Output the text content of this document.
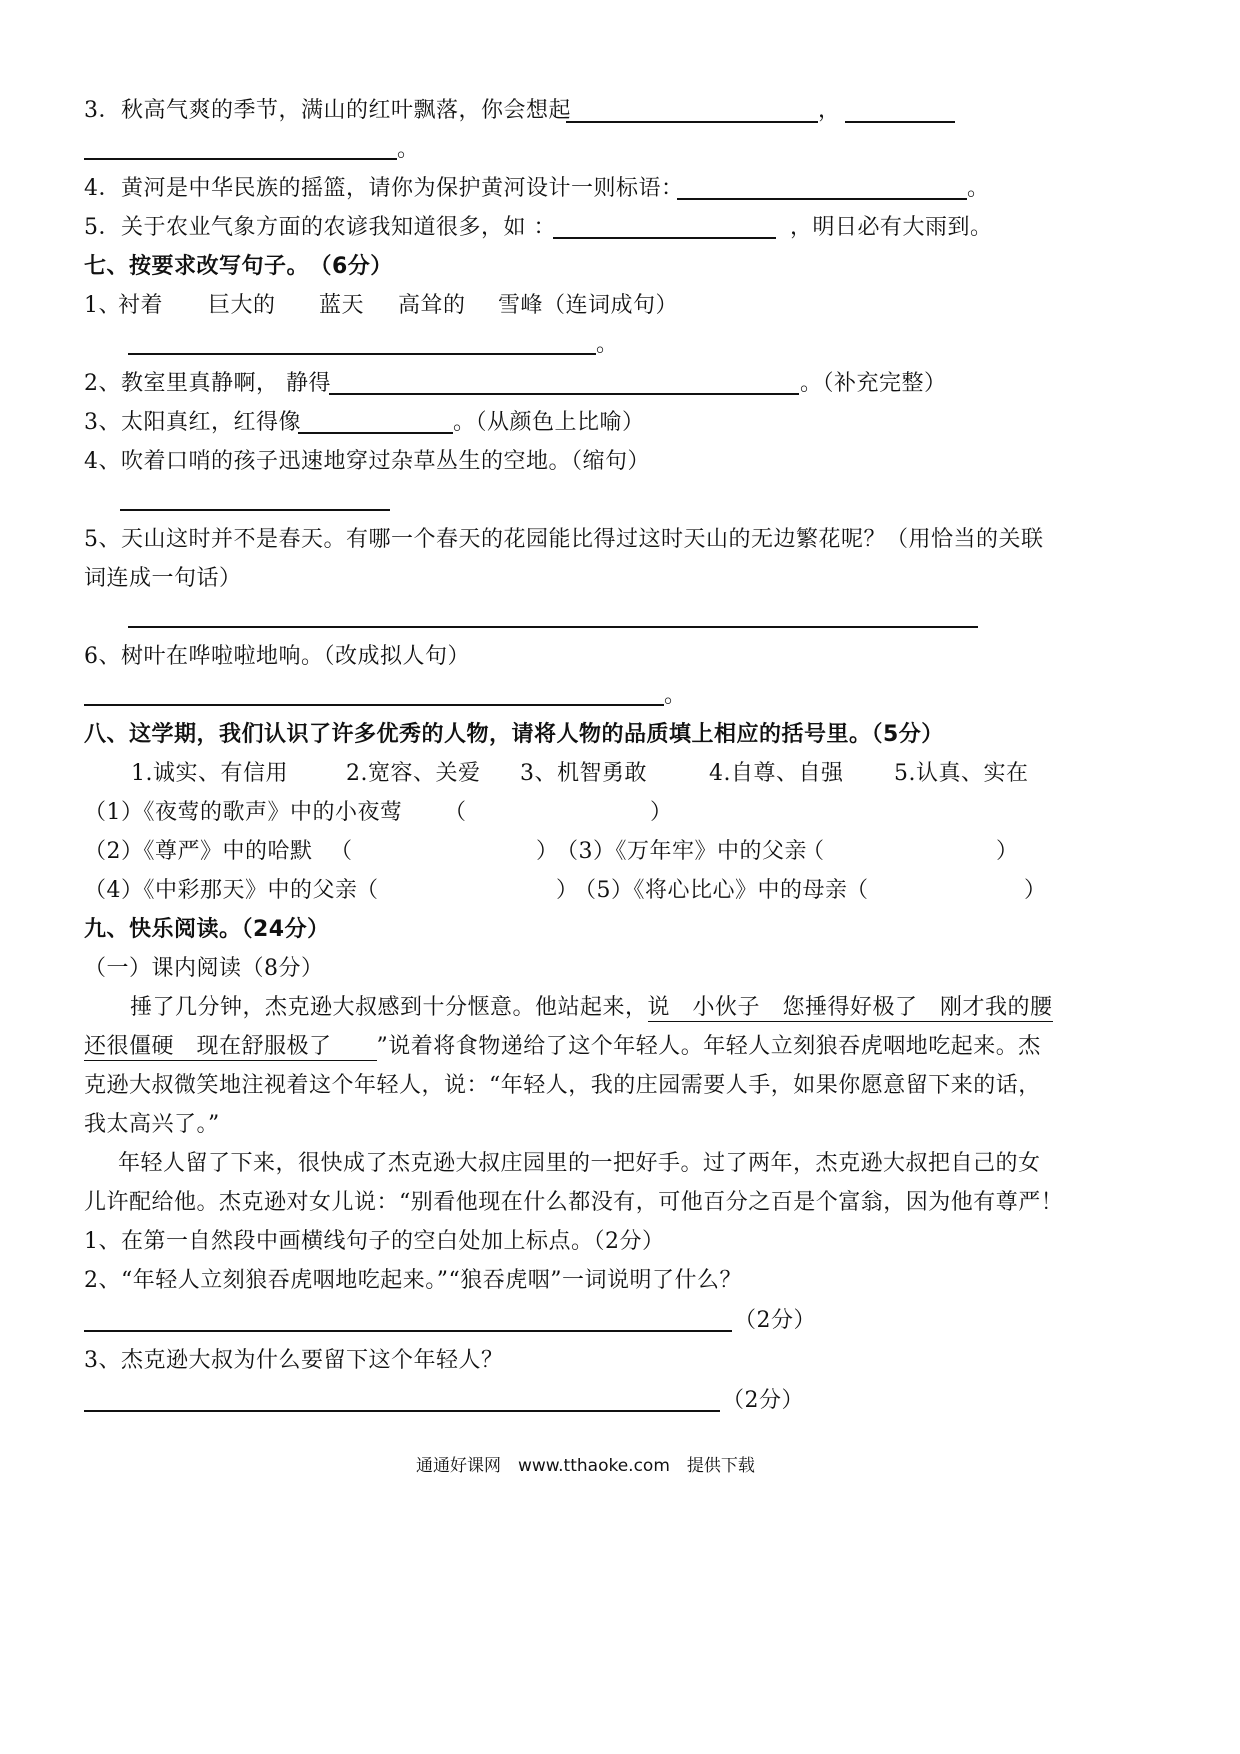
3．秋高气爽的季节，满山的红叶飘落，你会想起	，
。
4．黄河是中华民族的摇篮，请你为保护黄河设计一则标语：	。
5．关于农业气象方面的农谚我知道很多，如 ：	，明日必有大雨到。
七、按要求改写句子。　（6分）
1、
衬着 巨大的 蓝天 高耸的 雪峰（连词成句）
。
2、教室里真静啊， 静得	。（补充完整）
3、太阳真红，红得像	。（从颜色上比喻）
4、吹着口哨的孩子迅速地穿过杂草丛生的空地。（缩句）
5、天山这时并不是春天。有哪一个春天的花园能比得过这时天山的无边繁花呢？（用恰当的关联
词连成一句话）
6、树叶在哗啦啦地响。（改成拟人句）
。
八、这学期，我们认识了许多优秀的人物，请将人物的品质填上相应的括号里。（5分）
1.诚实、有信用	2.宽容、关爱 3、机智勇敢	4.自尊、自强 5.认真、实在
（1）《夜莺的歌声》中的小夜莺 （	）
（2）《尊严》中的哈默 （	）
（3）《万年牢》中的父亲
（	）
（4）《中彩那天》中的父亲
（	）
（5）《将心比心》中的母亲
（	）
九、快乐阅读。（24分）
（一）课内阅读（8分）
捶了几分钟，杰克逊大叔感到十分惬意。他站起来，说　小伙子　您捶得好极了　刚才我的腰
还很僵硬　现在舒服极了　　”说着将食物递给了这个年轻人。年轻人立刻狼吞虎咽地吃起来。杰
克逊大叔微笑地注视着这个年轻人，说：“年轻人，我的庄园需要人手，如果你愿意留下来的话，
我太高兴了。”
年轻人留了下来，很快成了杰克逊大叔庄园里的一把好手。过了两年，杰克逊大叔把自己的女
儿许配给他。杰克逊对女儿说：“别看他现在什么都没有，可他百分之百是个富翁，因为他有尊严！
1、在第一自然段中画横线句子的空白处加上标点。（2分）
2、“年轻人立刻狼吞虎咽地吃起来。”“狼吞虎咽”一词说明了什么？
（2分）
3、杰克逊大叔为什么要留下这个年轻人？
（2分）
通通好课网　www.tthaoke.com　提供下载
